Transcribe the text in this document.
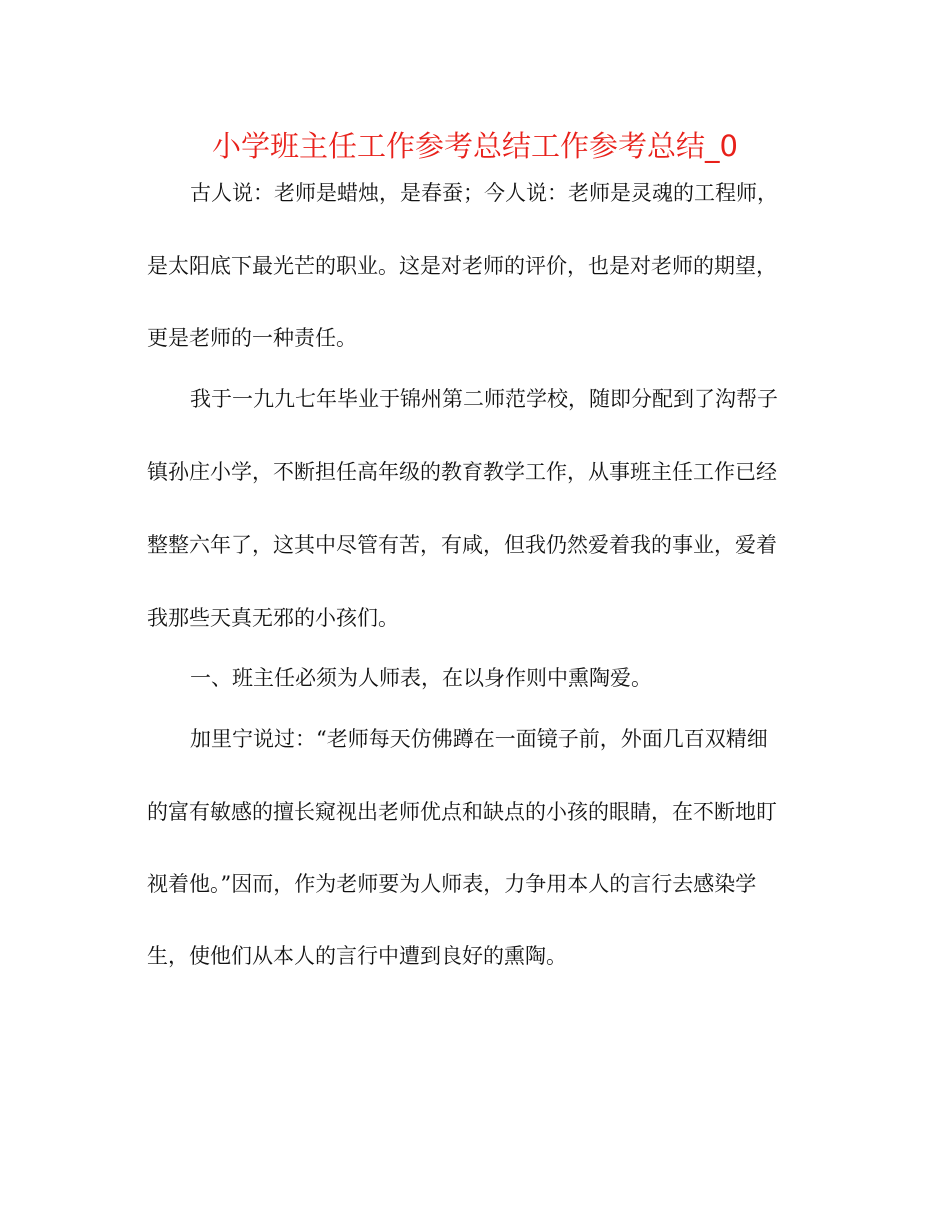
小学班主任工作参考总结工作参考总结_0

古人说：老师是蜡烛，是春蚕；今人说：老师是灵魂的工程师，

是太阳底下最光芒的职业。这是对老师的评价，也是对老师的期望，

更是老师的一种责任。

我于一九九七年毕业于锦州第二师范学校，随即分配到了沟帮子

镇孙庄小学，不断担任高年级的教育教学工作，从事班主任工作已经

整整六年了，这其中尽管有苦，有咸，但我仍然爱着我的事业，爱着

我那些天真无邪的小孩们。

一、班主任必须为人师表，在以身作则中熏陶爱。

加里宁说过：“老师每天仿佛蹲在一面镜子前，外面几百双精细

的富有敏感的擅长窥视出老师优点和缺点的小孩的眼睛，在不断地盯

视着他。”因而，作为老师要为人师表，力争用本人的言行去感染学

生，使他们从本人的言行中遭到良好的熏陶。
